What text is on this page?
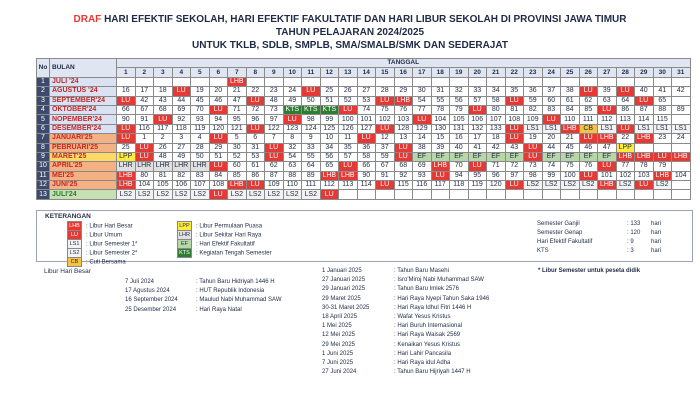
DRAF HARI EFEKTIF SEKOLAH, HARI EFEKTIF FAKULTATIF DAN HARI LIBUR SEKOLAH DI PROVINSI JAWA TIMUR
TAHUN PELAJARAN 2024/2025
UNTUK TKLB, SDLB, SMPLB, SMA/SMALB/SMK DAN SEDERAJAT
No	BULAN	TANGGAL																														
		1	2	3	4	5	6	7	8	9	10	11	12	13	14	15	16	17	18	19	20	21	22	23	24	25	26	27	28	29	30	31
1	JULI '24							LHB																								
2	AGUSTUS '24	16	17	18	LU	19	20	21	22	23	24	LU	25	26	27	28	29	30	31	32	33	34	35	36	37	38	LU	39	LU	40	41	42
3	SEPTEMBER'24	LU	42	43	44	45	46	47	LU	48	49	50	51	52	53	LU	LHB	54	55	56	57	58	LU	59	60	61	62	63	64	LU	65	
4	OKTOBER'24	66	67	68	69	70	LU	71	72	73	KTS	KTS	KTS	LU	74	75	76	77	78	79	LU	80	81	82	83	84	85	LU	86	87	88	89
5	NOPEMBER'24	90	91	LU	92	93	94	95	96	97	LU	98	99	100	101	102	103	LU	104	105	106	107	108	109	LU	110	111	112	113	114	115	
6	DESEMBER'24	LU	116	117	118	119	120	121	LU	122	123	124	125	126	127	LU	128	129	130	131	132	133	LU	LS1	LS1	LHB	CB	LS1	LU	LS1	LS1	LS1
7	JANUARI'25	LU	1	2	3	4	LU	5	6	7	8	9	10	11	LU	12	13	14	15	16	17	18	LU	19	20	21	LU	LHB	22	LHB	23	24
8	PEBRUARI'25	25	LU	26	27	28	29	30	31	LU	32	33	34	35	36	37	LU	38	39	40	41	42	43	LU	44	45	46	47	LPP			
9	MARET'25	LPP	LU	48	49	50	51	52	53	LU	54	55	56	57	58	59	LU	EF	EF	EF	EF	EF	EF	LU	EF	EF	EF	EF	LHB	LHB	LU	LHB
10	APRIL'25	LHR	LHR	LHR	LHR	LHR	LU	60	61	62	63	64	65	LU	66	67	68	69	LHB	70	LU	71	72	73	74	75	76	LU	77	78	79	
11	MEI'25	LHB	80	81	82	83	84	85	86	87	88	89	LHB	LHB	90	91	92	93	LU	94	95	96	97	98	99	100	LU	101	102	103	LHB	104
12	JUNI'25	LHB	104	105	106	107	108	LHB	LU	109	110	111	112	113	114	LU	115	116	117	118	119	120	LU	LS2	LS2	LS2	LS2	LHB	LS2	LU	LS2	
13	JULI'24	LS2	LS2	LS2	LS2	LS2	LU	LS2	LS2	LS2	LS2	LS2	LU																			
KETERANGAN
LHB : Libur Hari Besar
LU : Libur Umum
LS1 : Libur Semester 1*
LS2 : Libur Semester 2*
CB : Cuti Bersama
LPP : Libur Permulaan Puasa
LHR : Libur Sekitar Hari Raya
EF : Hari Efektif Fakultatif
KTS : Kegiatan Tengah Semester
Semester Ganjil	: 133 hari
Semester Genap	: 120 hari
Hari Efektif Fakultatif	: 9	hari
KTS	: 3	hari
Libur Hari Besar	* Libur Semester untuk peseta didik
7 Juli 2024	: Tahun Baru Hidriyah 1446 H
17 Agustus 2024	: HUT Republik Indonesia
16 September 2024	: Maulud Nabi Muhammad SAW
25 Desember 2024	: Hari Raya Natal
1 Januari 2025	: Tahun Baru Masehi
27 Januari 2025	: Isro'Miroj Nabi Muhammad SAW
29 Januari 2025	: Tahun Baru Imlek 2576
29 Maret 2025	: Hari Raya Nyepi Tahun Saka 1946
30-31 Maret 2025	: Hari Raya Idhul Fitri 1446 H
18 April 2025	: Wafat Yesus Kristus
1 Mei 2025	: Hari Buruh Internasional
12 Mei 2025	: Hari Raya Waisak 2569
29 Mei 2025	: Kenaikan Yesus Kristus
1 Juni 2025	: Hari Lahir Pancasila
7 Juni 2025	: Hari Raya idul Adha
27 Juni 2024	: Tahun Baru Hijriyah 1447 H
